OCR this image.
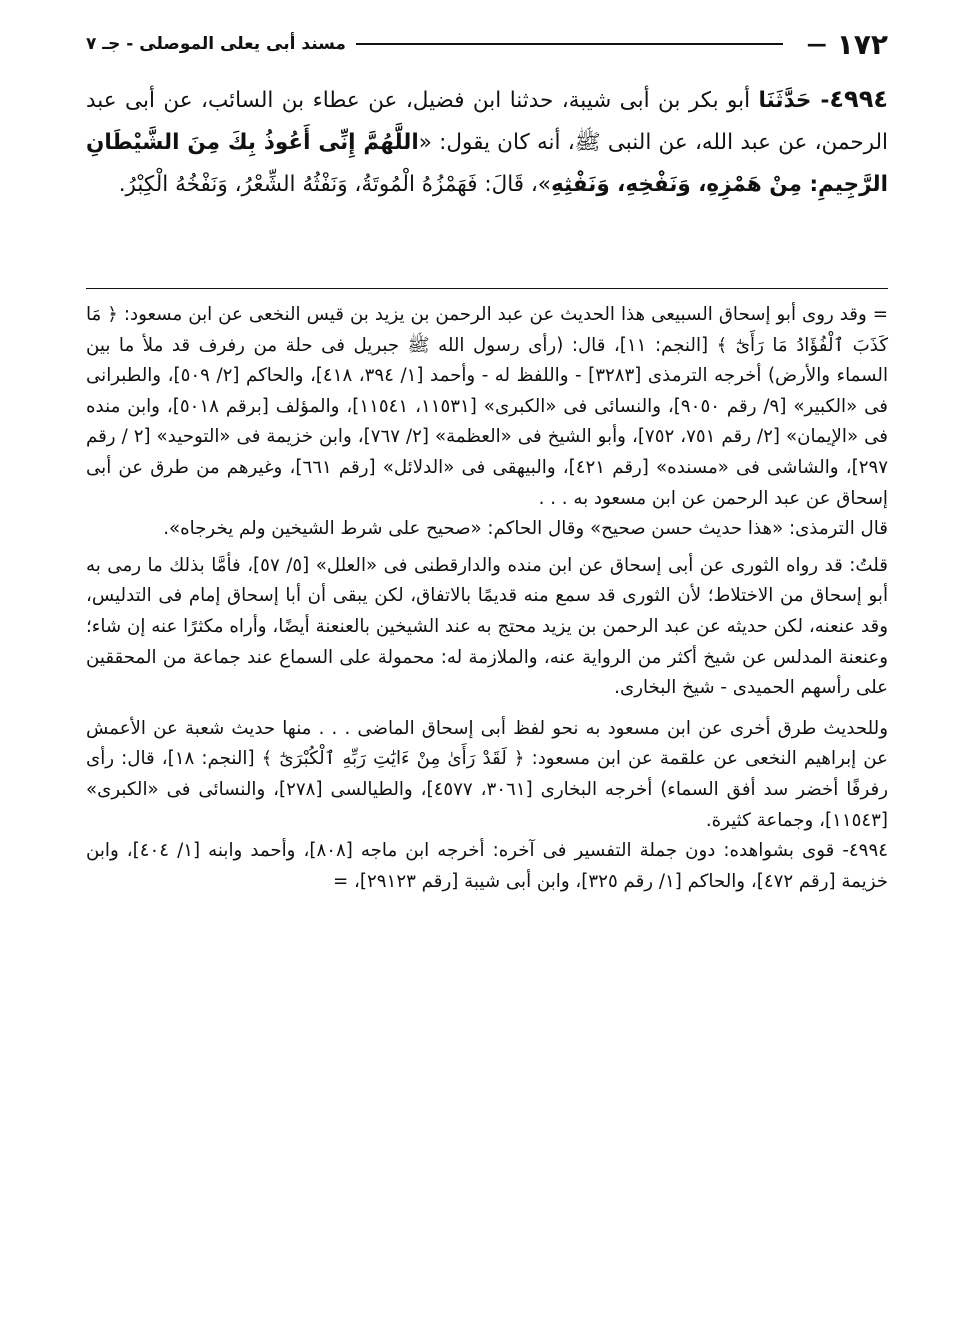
١٧٢
—
مسند أبى يعلى الموصلى - جـ ٧
٤٩٩٤- حَدَّثَنَا أبو بكر بن أبى شيبة، حدثنا ابن فضيل، عن عطاء بن السائب، عن أبى عبد الرحمن، عن عبد الله، عن النبى ﷺ، أنه كان يقول: «اللَّهُمَّ إِنِّى أَعُوذُ بِكَ مِنَ الشَّيْطَانِ الرَّجِيمِ: مِنْ هَمْزِهِ، وَنَفْخِهِ، وَنَفْثِهِ»، قَالَ: فَهَمْزُهُ الْمُوتَةُ، وَنَفْثُهُ الشِّعْرُ، وَنَفْخُهُ الْكِبْرُ.

= وقد روى أبو إسحاق السبيعى هذا الحديث عن عبد الرحمن بن يزيد بن قيس النخعى عن ابن مسعود: ﴿ مَا كَذَبَ ٱلْفُؤَادُ مَا رَأَىٰٓ ﴾ [النجم: ١١]، قال: (رأى رسول الله ﷺ جبريل فى حلة من رفرف قد ملأ ما بين السماء والأرض) أخرجه الترمذى [٣٢٨٣] - واللفظ له - وأحمد [١/ ٣٩٤، ٤١٨]، والحاكم [٢/ ٥٠٩]، والطبرانى فى «الكبير» [٩/ رقم ٩٠٥٠]، والنسائى فى «الكبرى» [١١٥٣١، ١١٥٤١]، والمؤلف [برقم ٥٠١٨]، وابن منده فى «الإيمان» [٢/ رقم ٧٥١، ٧٥٢]، وأبو الشيخ فى «العظمة» [٢/ ٧٦٧]، وابن خزيمة فى «التوحيد» [٢ / رقم ٢٩٧]، والشاشى فى «مسنده» [رقم ٤٢١]، والبيهقى فى «الدلائل» [رقم ٦٦١]، وغيرهم من طرق عن أبى إسحاق عن عبد الرحمن عن ابن مسعود به . . .

قال الترمذى: «هذا حديث حسن صحيح» وقال الحاكم: «صحيح على شرط الشيخين ولم يخرجاه».

قلتُ: قد رواه الثورى عن أبى إسحاق عن ابن منده والدارقطنى فى «العلل» [٥/ ٥٧]، فأمَّا بذلك ما رمى به أبو إسحاق من الاختلاط؛ لأن الثورى قد سمع منه قديمًا بالاتفاق، لكن يبقى أن أبا إسحاق إمام فى التدليس، وقد عنعنه، لكن حديثه عن عبد الرحمن بن يزيد محتج به عند الشيخين بالعنعنة أيضًا، وأراه مكثرًا عنه إن شاء؛ وعنعنة المدلس عن شيخ أكثر من الرواية عنه، والملازمة له: محمولة على السماع عند جماعة من المحققين على رأسهم الحميدى - شيخ البخارى.

وللحديث طرق أخرى عن ابن مسعود به نحو لفظ أبى إسحاق الماضى . . . منها حديث شعبة عن الأعمش عن إبراهيم النخعى عن علقمة عن ابن مسعود: ﴿ لَقَدْ رَأَىٰ مِنْ ءَايَٰتِ رَبِّهِ ٱلْكُبْرَىٰٓ ﴾ [النجم: ١٨]، قال: رأى رفرفًا أخضر سد أفق السماء) أخرجه البخارى [٣٠٦١، ٤٥٧٧]، والطيالسى [٢٧٨]، والنسائى فى «الكبرى» [١١٥٤٣]، وجماعة كثيرة.

٤٩٩٤- قوى بشواهده: دون جملة التفسير فى آخره: أخرجه ابن ماجه [٨٠٨]، وأحمد وابنه [١/ ٤٠٤]، وابن خزيمة [رقم ٤٧٢]، والحاكم [١/ رقم ٣٢٥]، وابن أبى شيبة [رقم ٢٩١٢٣]، =
